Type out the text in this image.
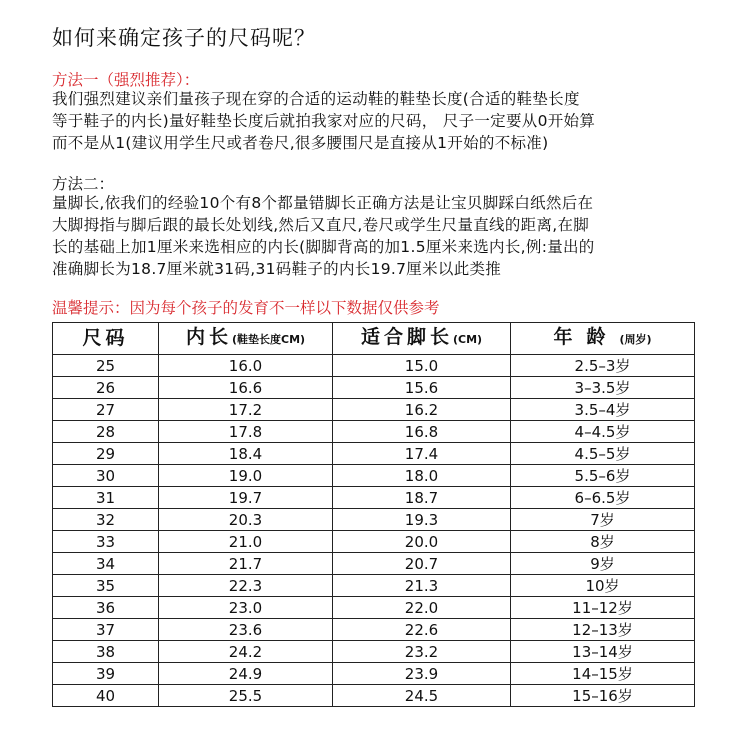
如何来确定孩子的尺码呢？
方法一（强烈推荐）：
我们强烈建议亲们量孩子现在穿的合适的运动鞋的鞋垫长度(合适的鞋垫长度
等于鞋子的内长)量好鞋垫长度后就拍我家对应的尺码， 尺子一定要从0开始算
而不是从1(建议用学生尺或者卷尺,很多腰围尺是直接从1开始的不标准)
方法二：
量脚长,依我们的经验10个有8个都量错脚长正确方法是让宝贝脚踩白纸然后在
大脚拇指与脚后跟的最长处划线,然后又直尺,卷尺或学生尺量直线的距离,在脚
长的基础上加1厘米来选相应的内长(脚脚背高的加1.5厘米来选内长,例:量出的
准确脚长为18.7厘米就31码,31码鞋子的内长19.7厘米以此类推
温馨提示：因为每个孩子的发育不一样以下数据仅供参考
尺码	内长(鞋垫长度CM)	适合脚长(CM)	年龄(周岁)
25	16.0	15.0	2.5–3岁
26	16.6	15.6	3–3.5岁
27	17.2	16.2	3.5–4岁
28	17.8	16.8	4–4.5岁
29	18.4	17.4	4.5–5岁
30	19.0	18.0	5.5–6岁
31	19.7	18.7	6–6.5岁
32	20.3	19.3	7岁
33	21.0	20.0	8岁
34	21.7	20.7	9岁
35	22.3	21.3	10岁
36	23.0	22.0	11–12岁
37	23.6	22.6	12–13岁
38	24.2	23.2	13–14岁
39	24.9	23.9	14–15岁
40	25.5	24.5	15–16岁
